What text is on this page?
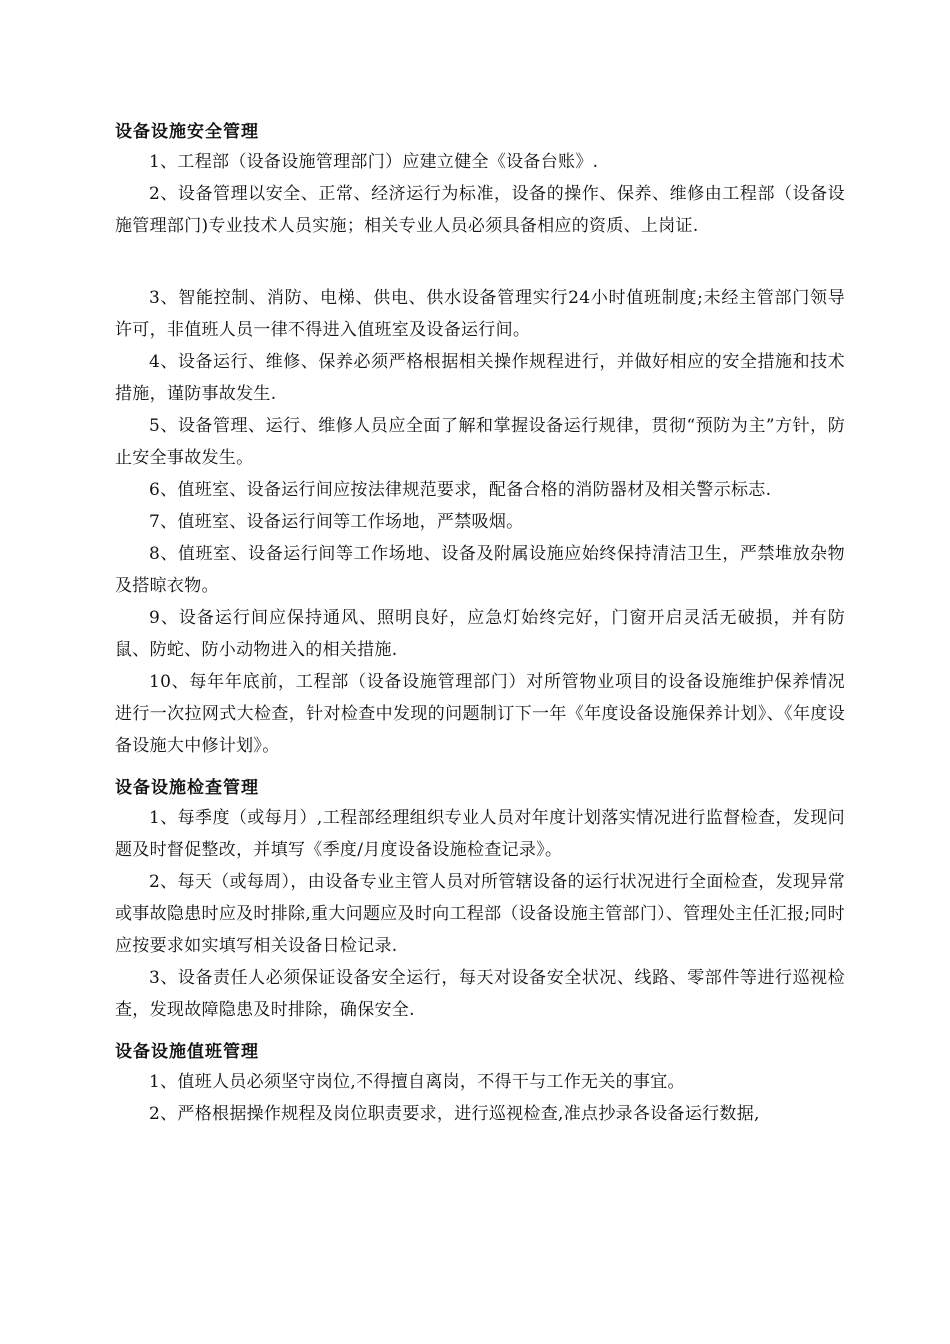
设备设施安全管理

1、工程部（设备设施管理部门）应建立健全《设备台账》.

2、设备管理以安全、正常、经济运行为标准，设备的操作、保养、维修由工程部（设备设施管理部门)专业技术人员实施；相关专业人员必须具备相应的资质、上岗证.

3、智能控制、消防、电梯、供电、供水设备管理实行24小时值班制度;未经主管部门领导许可，非值班人员一律不得进入值班室及设备运行间。

4、设备运行、维修、保养必须严格根据相关操作规程进行，并做好相应的安全措施和技术措施，谨防事故发生.

5、设备管理、运行、维修人员应全面了解和掌握设备运行规律，贯彻“预防为主”方针，防止安全事故发生。

6、值班室、设备运行间应按法律规范要求，配备合格的消防器材及相关警示标志.

7、值班室、设备运行间等工作场地，严禁吸烟。

8、值班室、设备运行间等工作场地、设备及附属设施应始终保持清洁卫生，严禁堆放杂物及搭晾衣物。

9、设备运行间应保持通风、照明良好，应急灯始终完好，门窗开启灵活无破损，并有防鼠、防蛇、防小动物进入的相关措施.

10、每年年底前，工程部（设备设施管理部门）对所管物业项目的设备设施维护保养情况进行一次拉网式大检查，针对检查中发现的问题制订下一年《年度设备设施保养计划》、《年度设备设施大中修计划》。

设备设施检查管理

1、每季度（或每月）,工程部经理组织专业人员对年度计划落实情况进行监督检查，发现问题及时督促整改，并填写《季度/月度设备设施检查记录》。

2、每天（或每周），由设备专业主管人员对所管辖设备的运行状况进行全面检查，发现异常或事故隐患时应及时排除,重大问题应及时向工程部（设备设施主管部门）、管理处主任汇报;同时应按要求如实填写相关设备日检记录.

3、设备责任人必须保证设备安全运行，每天对设备安全状况、线路、零部件等进行巡视检查，发现故障隐患及时排除，确保安全.

设备设施值班管理

1、值班人员必须坚守岗位,不得擅自离岗，不得干与工作无关的事宜。

2、严格根据操作规程及岗位职责要求，进行巡视检查,准点抄录各设备运行数据,
